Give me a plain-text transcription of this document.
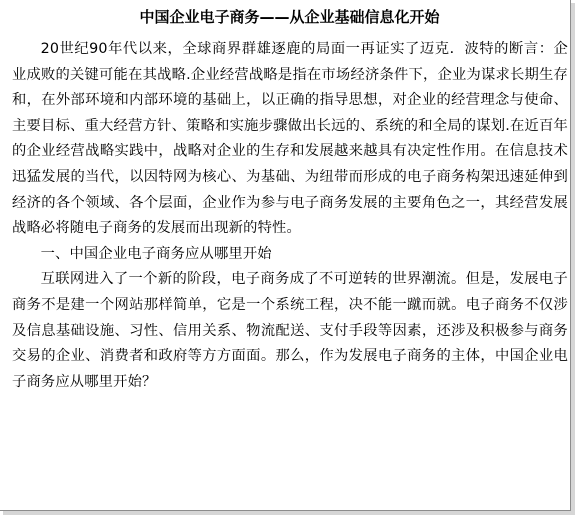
中国企业电子商务——从企业基础信息化开始

20世纪90年代以来，全球商界群雄逐鹿的局面一再证实了迈克．波特的断言：企业成败的关键可能在其战略.企业经营战略是指在市场经济条件下，企业为谋求长期生存和，在外部环境和内部环境的基础上，以正确的指导思想，对企业的经营理念与使命、主要目标、重大经营方针、策略和实施步骤做出长远的、系统的和全局的谋划.在近百年的企业经营战略实践中，战略对企业的生存和发展越来越具有决定性作用。在信息技术迅猛发展的当代，以因特网为核心、为基础、为纽带而形成的电子商务构架迅速延伸到经济的各个领域、各个层面，企业作为参与电子商务发展的主要角色之一，其经营发展战略必将随电子商务的发展而出现新的特性。

一、中国企业电子商务应从哪里开始

互联网进入了一个新的阶段，电子商务成了不可逆转的世界潮流。但是，发展电子商务不是建一个网站那样简单，它是一个系统工程，决不能一蹴而就。电子商务不仅涉及信息基础设施、习性、信用关系、物流配送、支付手段等因素，还涉及积极参与商务交易的企业、消费者和政府等方方面面。那么，作为发展电子商务的主体，中国企业电子商务应从哪里开始？
